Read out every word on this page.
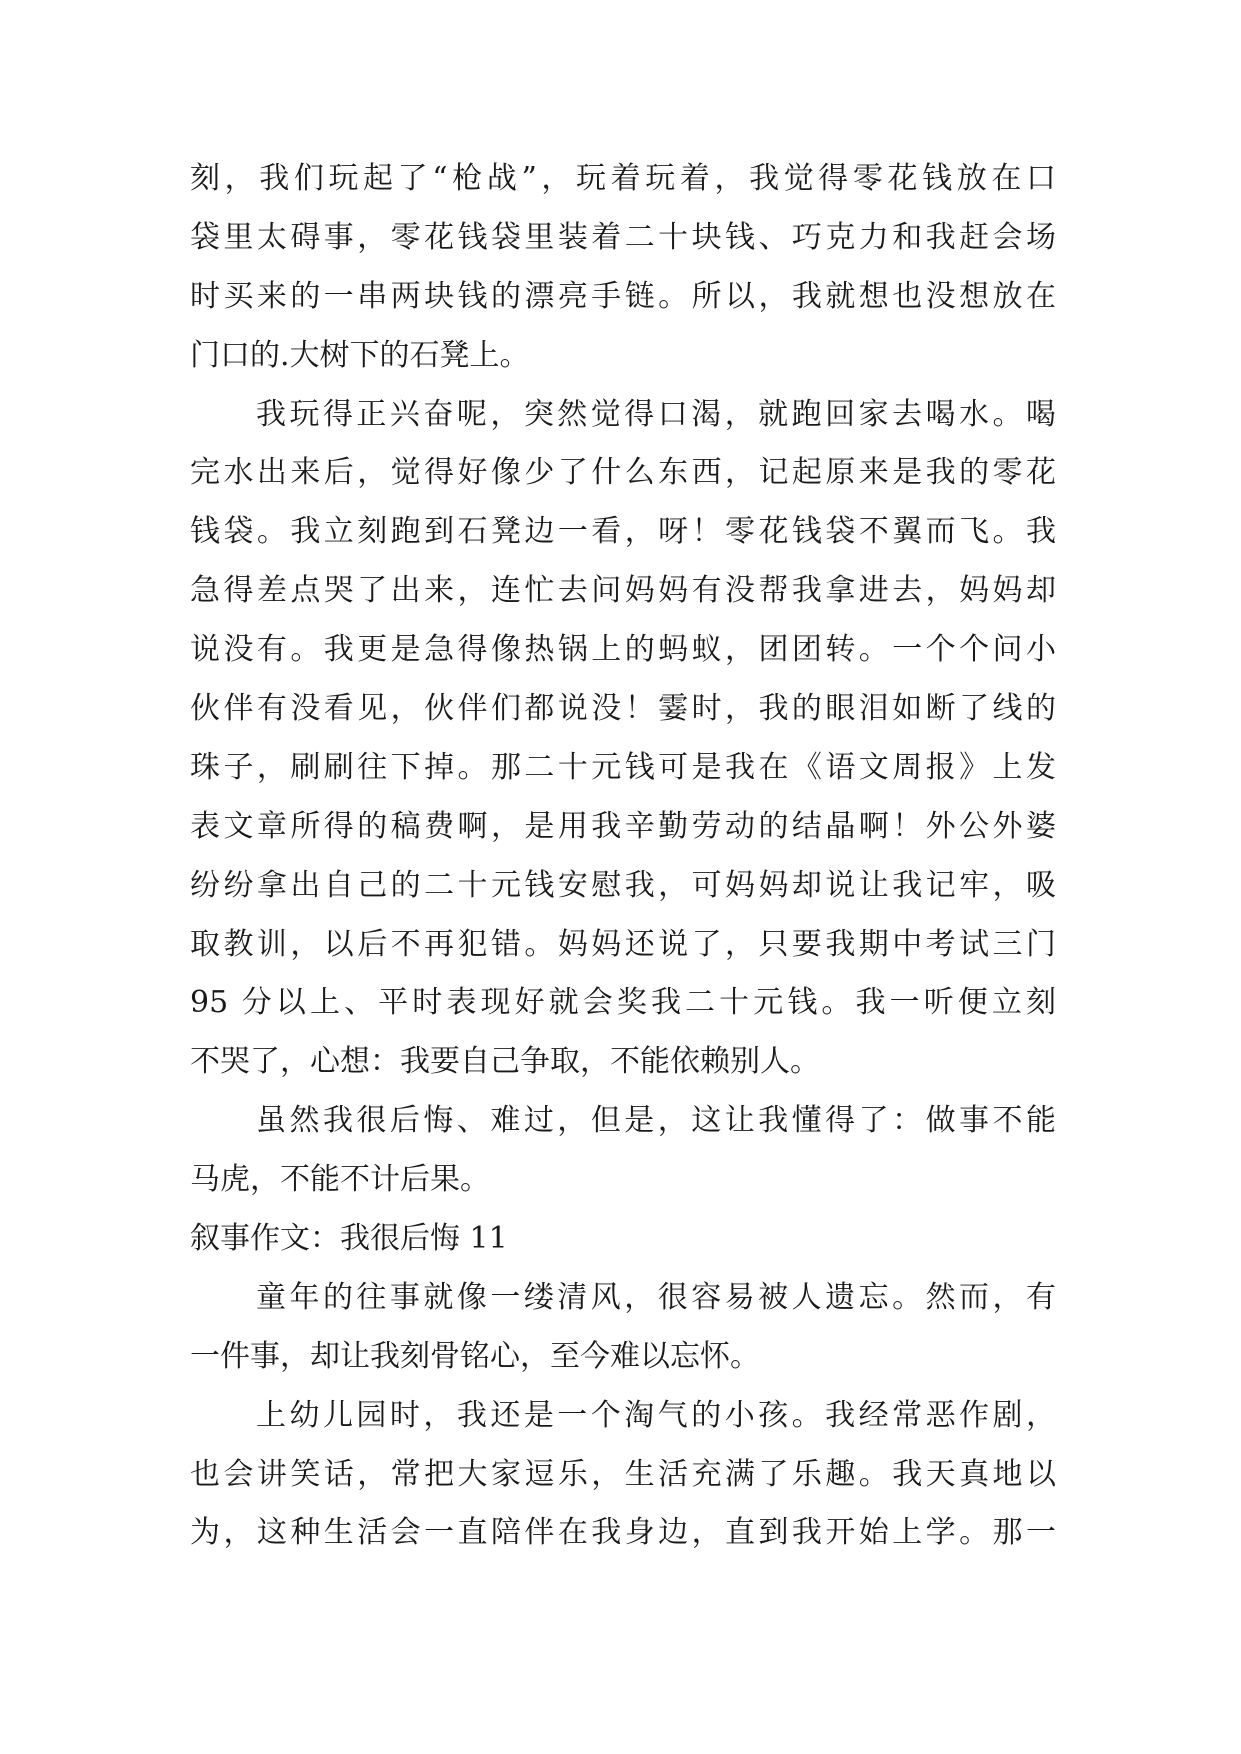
刻，我们玩起了“枪战”，玩着玩着，我觉得零花钱放在口
袋里太碍事，零花钱袋里装着二十块钱、巧克力和我赶会场
时买来的一串两块钱的漂亮手链。所以，我就想也没想放在
门口的.大树下的石凳上。
我玩得正兴奋呢，突然觉得口渴，就跑回家去喝水。喝
完水出来后，觉得好像少了什么东西，记起原来是我的零花
钱袋。我立刻跑到石凳边一看，呀！零花钱袋不翼而飞。我
急得差点哭了出来，连忙去问妈妈有没帮我拿进去，妈妈却
说没有。我更是急得像热锅上的蚂蚁，团团转。一个个问小
伙伴有没看见，伙伴们都说没！霎时，我的眼泪如断了线的
珠子，刷刷往下掉。那二十元钱可是我在《语文周报》上发
表文章所得的稿费啊，是用我辛勤劳动的结晶啊！外公外婆
纷纷拿出自己的二十元钱安慰我，可妈妈却说让我记牢，吸
取教训，以后不再犯错。妈妈还说了，只要我期中考试三门
95 分以上、平时表现好就会奖我二十元钱。我一听便立刻
不哭了，心想：我要自己争取，不能依赖别人。
虽然我很后悔、难过，但是，这让我懂得了：做事不能
马虎，不能不计后果。
叙事作文：我很后悔 11
童年的往事就像一缕清风，很容易被人遗忘。然而，有
一件事，却让我刻骨铭心，至今难以忘怀。
上幼儿园时，我还是一个淘气的小孩。我经常恶作剧，
也会讲笑话，常把大家逗乐，生活充满了乐趣。我天真地以
为，这种生活会一直陪伴在我身边，直到我开始上学。那一
